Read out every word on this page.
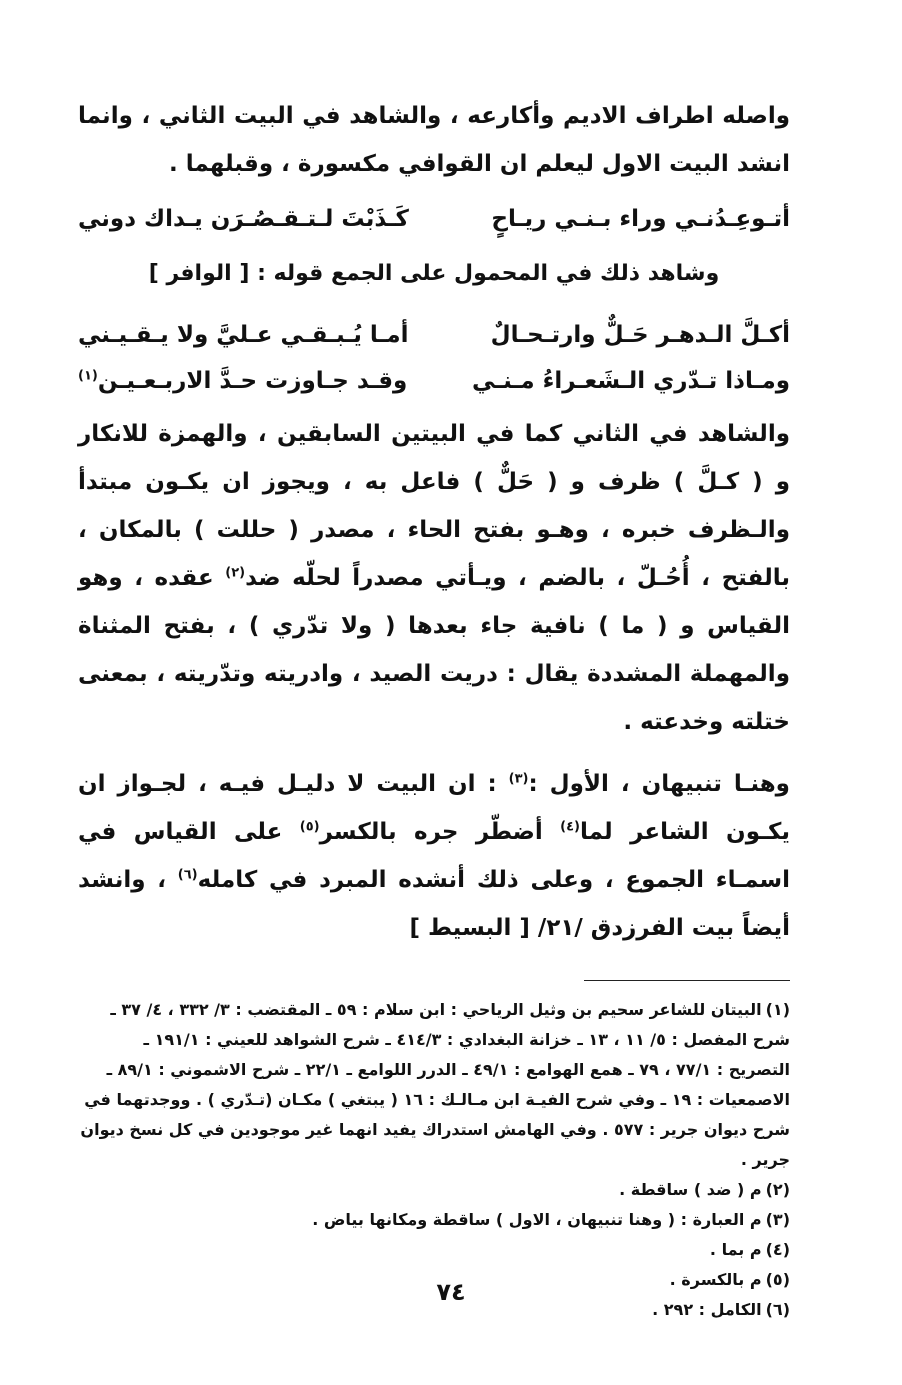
واصله اطراف الاديم وأكارعه ، والشاهد في البيت الثاني ، وانما انشد البيت الاول ليعلم ان القوافي مكسورة ، وقبلهما .

أتـوعِـدُنـي وراء بـنـي ريـاحٍ
كَـذَبْتَ لـتـقـصُـرَن يـداك دوني

وشاهد ذلك في المحمول على الجمع قوله : [ الوافر ]

أكـلَّ الـدهـر حَـلٌّ وارتـحـالٌ
أمـا يُـبـقـي عـليَّ ولا يـقـيـني
ومـاذا تـدّري الـشَعـراءُ مـنـي
وقـد جـاوزت حـدَّ الاربـعـيـن$^{(١)}$

والشاهد في الثاني كما في البيتين السابقين ، والهمزة للانكار و ( كـلَّ ) ظرف و ( حَلٌّ ) فاعل به ، ويجوز ان يكـون مبتدأ والـظرف خبره ، وهـو بفتح الحاء ، مصدر ( حللت ) بالمكان ، بالفتح ، أُحُـلّ ، بالضم ، ويـأتي مصدراً لحلّه ضد$^{(٢)}$ عقده ، وهو القياس و ( ما ) نافية جاء بعدها ( ولا تدّري ) ، بفتح المثناة والمهملة المشددة يقال : دريت الصيد ، وادريته وتدّريته ، بمعنى ختلته وخدعته .

وهنـا تنبيهان ، الأول :$^{(٣)}$ : ان البيت لا دليـل فيـه ، لجـواز ان يكـون الشاعر لما$^{(٤)}$ أضطّر جره بالكسر$^{(٥)}$ على القياس في اسمـاء الجموع ، وعلى ذلك أنشده المبرد في كامله$^{(٦)}$ ، وانشد أيضاً بيت الفرزدق /٢١/ [ البسيط ]

(١)البيتان للشاعر سحيم بن وثيل الرياحي : ابن سلام : ٥٩ ـ المقتضب : ٣/ ٣٣٢ ، ٤/ ٣٧ ـ شرح المفصل : ٥/ ١١ ، ١٣ ـ خزانة البغدادي : ٤١٤/٣ ـ شرح الشواهد للعيني : ١٩١/١ ـ التصريح : ٧٧/١ ، ٧٩ ـ همع الهوامع : ٤٩/١ ـ الدرر اللوامع ـ ٢٢/١ ـ شرح الاشموني : ٨٩/١ ـ الاصمعيات : ١٩ ـ وفي شرح الفيـة ابن مـالـك : ١٦ ( يبتغي ) مكـان (تـدّري ) . ووجدتهما في شرح ديوان جرير : ٥٧٧ . وفي الهامش استدراك يفيد انهما غير موجودين في كل نسخ ديوان جرير .

(٢)م ( ضد ) ساقطة .

(٣)م العبارة : ( وهنا تنبيهان ، الاول ) ساقطة ومكانها بياض .

(٤)م بما .

(٥)م بالكسرة .

(٦)الكامل : ٢٩٢ .

٧٤
